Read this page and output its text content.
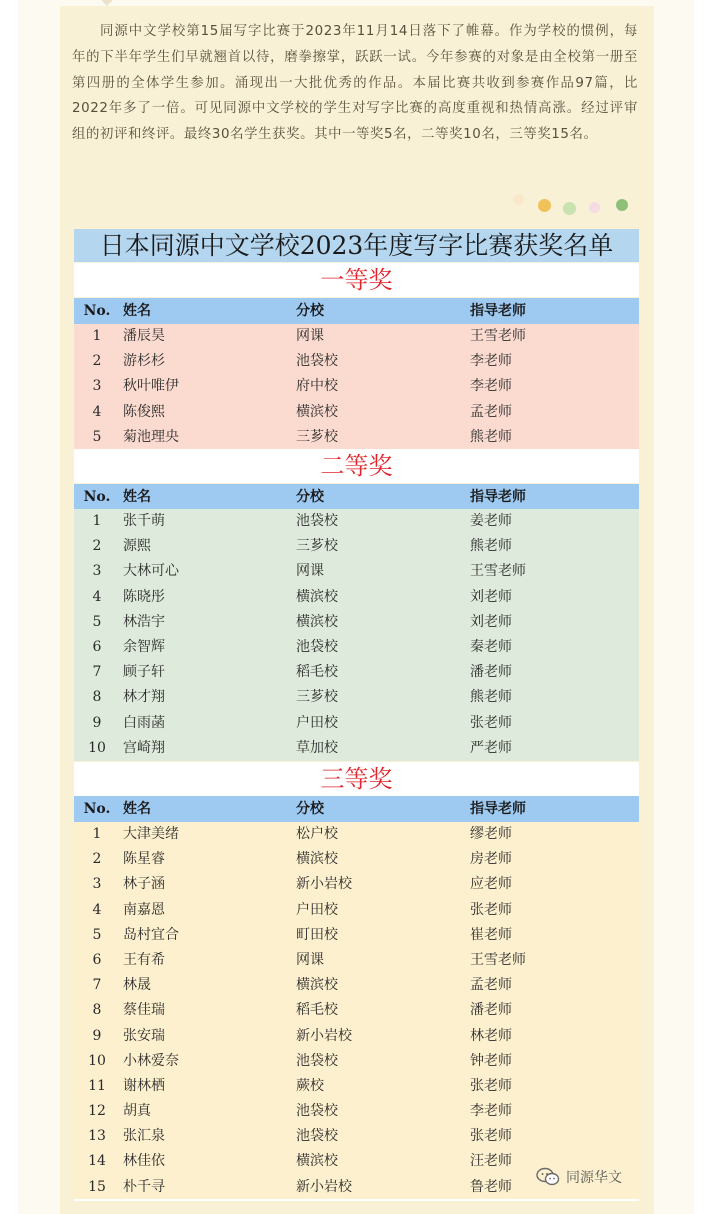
同源中文学校第15届写字比赛于2023年11月14日落下了帷幕。作为学校的惯例，每年的下半年学生们早就翘首以待，磨拳擦掌，跃跃一试。今年参赛的对象是由全校第一册至第四册的全体学生参加。涌现出一大批优秀的作品。本届比赛共收到参赛作品97篇，比2022年多了一倍。可见同源中文学校的学生对写字比赛的高度重视和热情高涨。经过评审组的初评和终评。最终30名学生获奖。其中一等奖5名，二等奖10名，三等奖15名。

日本同源中文学校2023年度写字比赛获奖名单
一等奖
No. 姓名	分校	指导老师
1	潘辰昊	网课	王雪老师
2	游杉杉	池袋校	李老师
3	秋叶唯伊	府中校	李老师
4	陈俊熙	横滨校	孟老师
5	菊池理央	三芗校	熊老师
二等奖
No. 姓名	分校	指导老师
1	张千萌	池袋校	姜老师
2	源熙	三芗校	熊老师
3	大林可心	网课	王雪老师
4	陈晓彤	横滨校	刘老师
5	林浩宇	横滨校	刘老师
6	余智辉	池袋校	秦老师
7	顾子轩	稻毛校	潘老师
8	林才翔	三芗校	熊老师
9	白雨菡	户田校	张老师
10	宫崎翔	草加校	严老师
三等奖
No. 姓名	分校	指导老师
1	大津美绪	松户校	缪老师
2	陈星睿	横滨校	房老师
3	林子涵	新小岩校	应老师
4	南嘉恩	户田校	张老师
5	岛村宜合	町田校	崔老师
6	王有希	网课	王雪老师
7	林晟	横滨校	孟老师
8	蔡佳瑞	稻毛校	潘老师
9	张安瑞	新小岩校	林老师
10	小林爱奈	池袋校	钟老师
11	谢林栖	蕨校	张老师
12	胡真	池袋校	李老师
13	张汇泉	池袋校	张老师
14	林佳依	横滨校	汪老师
15	朴千寻	新小岩校	鲁老师
同源华文
